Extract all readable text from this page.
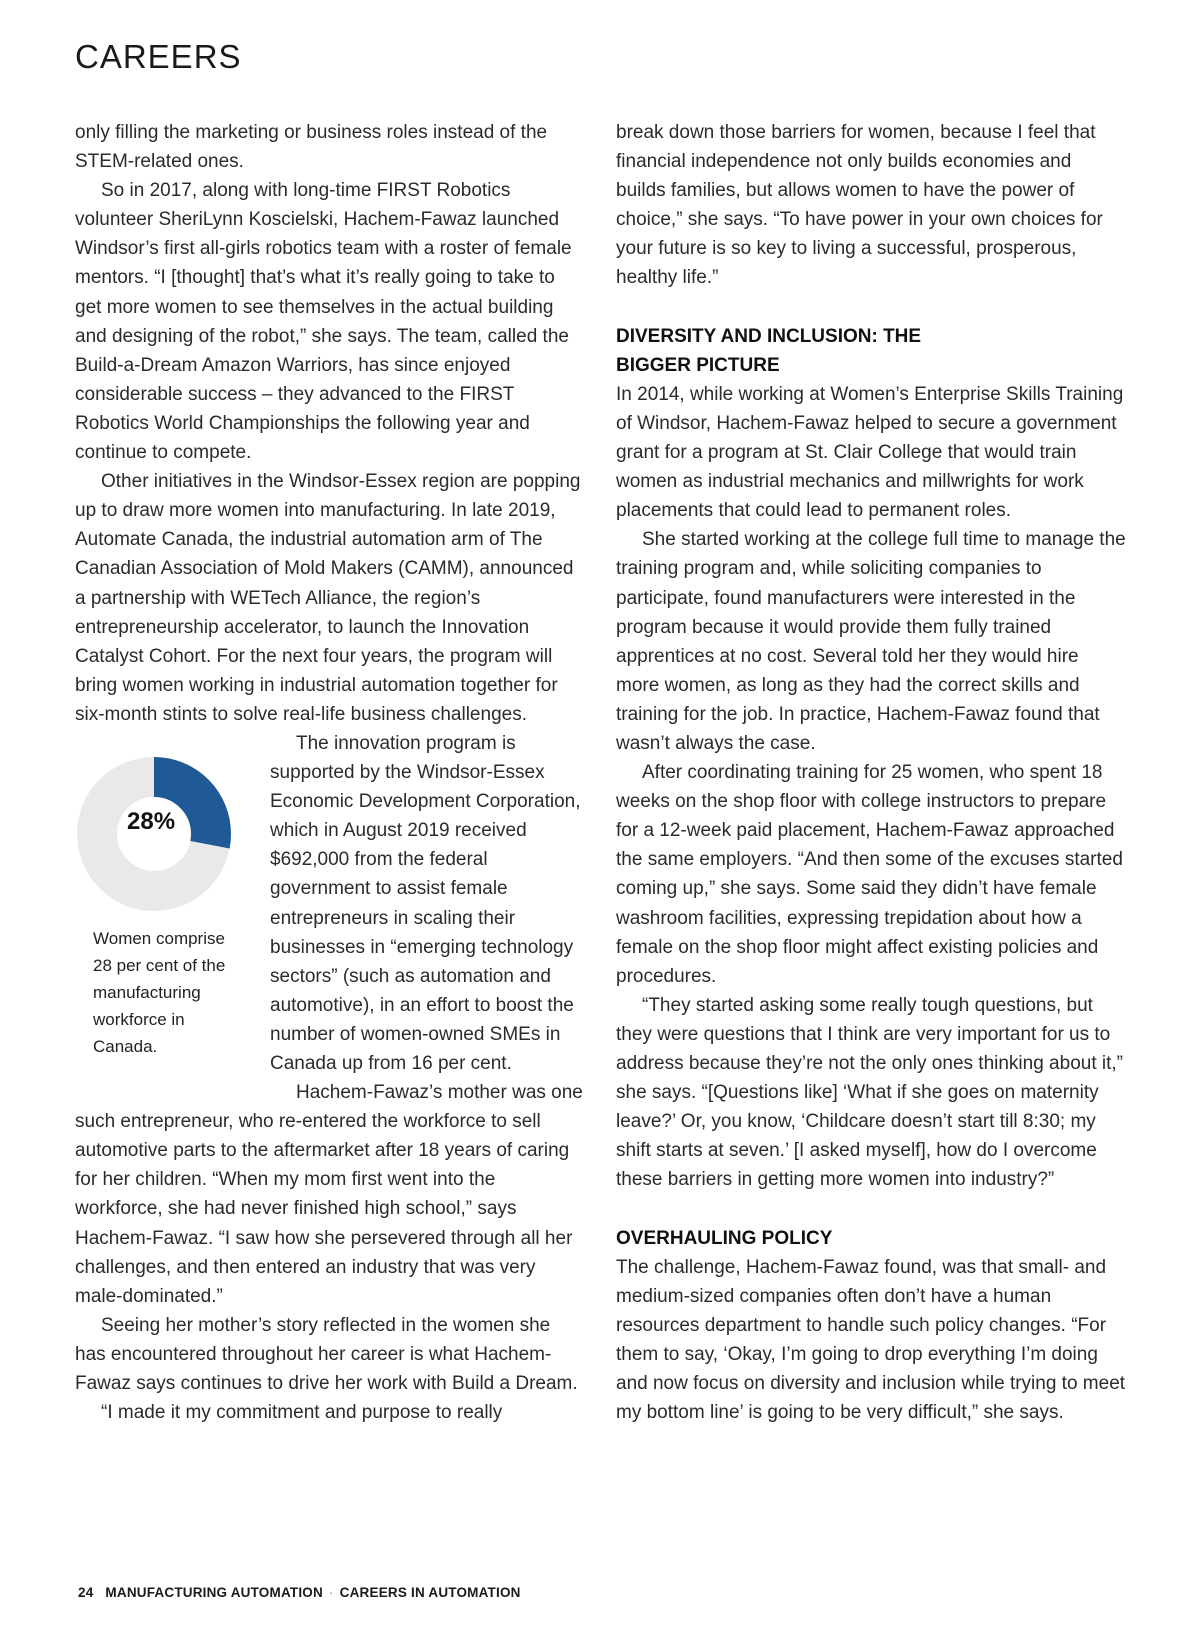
CAREERS

only filling the marketing or business roles instead of the STEM-related ones.

So in 2017, along with long-time FIRST Robotics volunteer SheriLynn Koscielski, Hachem-Fawaz launched Windsor’s first all-girls robotics team with a roster of female mentors. “I [thought] that’s what it’s really going to take to get more women to see themselves in the actual building and designing of the robot,” she says. The team, called the Build-a-Dream Amazon Warriors, has since enjoyed considerable success – they advanced to the FIRST Robotics World Championships the following year and continue to compete.

Other initiatives in the Windsor-Essex region are popping up to draw more women into manufacturing. In late 2019, Automate Canada, the industrial automation arm of The Canadian Association of Mold Makers (CAMM), announced a partnership with WETech Alliance, the region’s entrepreneurship accelerator, to launch the Innovation Catalyst Cohort. For the next four years, the program will bring women working in industrial automation together for six-month stints to solve real-life business challenges.

28%
Women comprise 28 per cent of the manufacturing workforce in Canada.
The innovation program is supported by the Windsor-Essex Economic Development Corporation, which in August 2019 received $692,000 from the federal government to assist female entrepreneurs in scaling their businesses in “emerging technology sectors” (such as automation and automotive), in an effort to boost the number of women-owned SMEs in Canada up from 16 per cent.

Hachem-Fawaz’s mother was one such entrepreneur, who re-entered the workforce to sell automotive parts to the aftermarket after 18 years of caring for her children. “When my mom first went into the workforce, she had never finished high school,” says Hachem-Fawaz. “I saw how she persevered through all her challenges, and then entered an industry that was very male-dominated.”

Seeing her mother’s story reflected in the women she has encountered throughout her career is what Hachem-Fawaz says continues to drive her work with Build a Dream.

“I made it my commitment and purpose to really

break down those barriers for women, because I feel that financial independence not only builds economies and builds families, but allows women to have the power of choice,” she says. “To have power in your own choices for your future is so key to living a successful, prosperous, healthy life.”

DIVERSITY AND INCLUSION: THE
BIGGER PICTURE

In 2014, while working at Women’s Enterprise Skills Training of Windsor, Hachem-Fawaz helped to secure a government grant for a program at St. Clair College that would train women as industrial mechanics and millwrights for work placements that could lead to permanent roles.

She started working at the college full time to manage the training program and, while soliciting companies to participate, found manufacturers were interested in the program because it would provide them fully trained apprentices at no cost. Several told her they would hire more women, as long as they had the correct skills and training for the job. In practice, Hachem-Fawaz found that wasn’t always the case.

After coordinating training for 25 women, who spent 18 weeks on the shop floor with college instructors to prepare for a 12-week paid placement, Hachem-Fawaz approached the same employers. “And then some of the excuses started coming up,” she says. Some said they didn’t have female washroom facilities, expressing trepidation about how a female on the shop floor might affect existing policies and procedures.

“They started asking some really tough questions, but they were questions that I think are very important for us to address because they’re not the only ones thinking about it,” she says. “[Questions like] ‘What if she goes on maternity leave?’ Or, you know, ‘Childcare doesn’t start till 8:30; my shift starts at seven.’ [I asked myself], how do I overcome these barriers in getting more women into industry?”

OVERHAULING POLICY

The challenge, Hachem-Fawaz found, was that small- and medium-sized companies often don’t have a human resources department to handle such policy changes. “For them to say, ‘Okay, I’m going to drop everything I’m doing and now focus on diversity and inclusion while trying to meet my bottom line’ is going to be very difficult,” she says.

24 MANUFACTURING AUTOMATION · CAREERS IN AUTOMATION
